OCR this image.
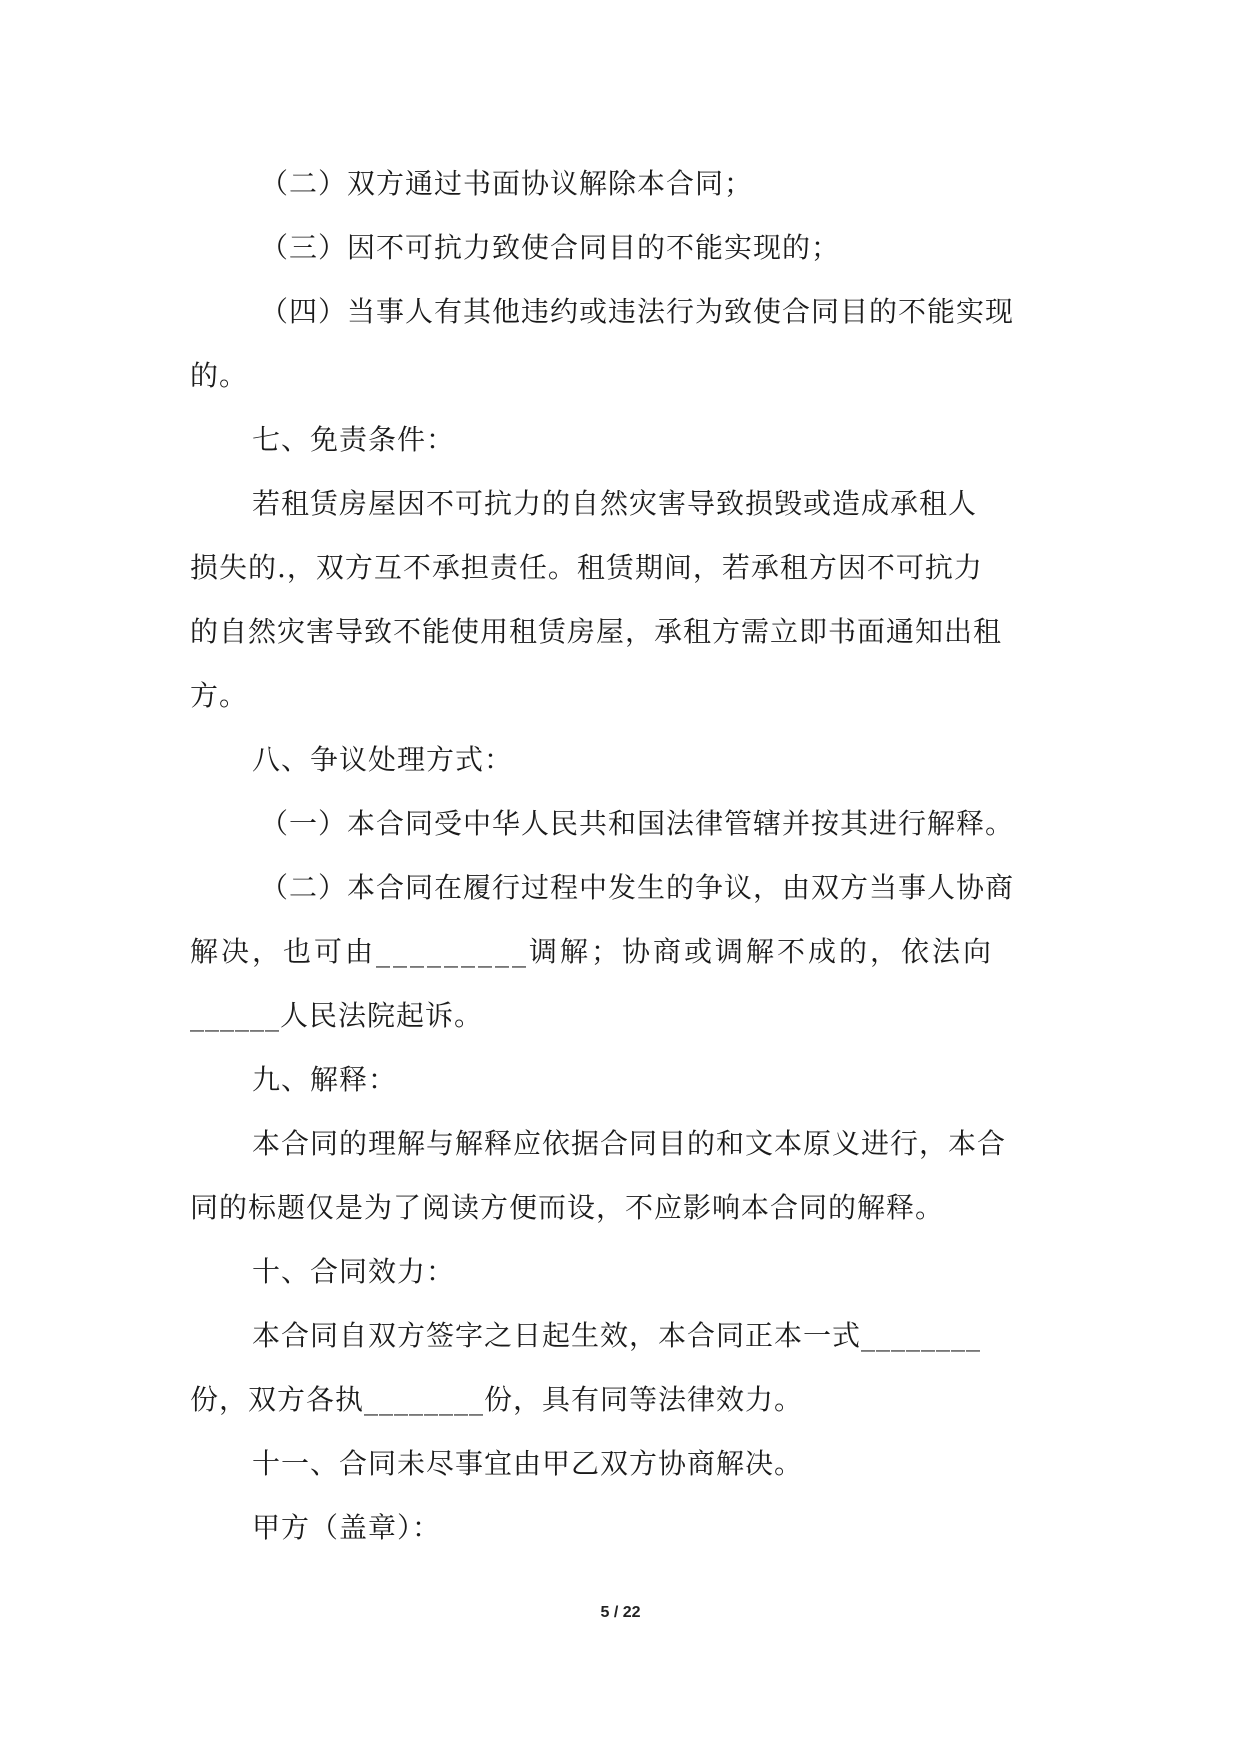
（二）双方通过书面协议解除本合同；
（三）因不可抗力致使合同目的不能实现的；
（四）当事人有其他违约或违法行为致使合同目的不能实现
的。
七、免责条件：
若租赁房屋因不可抗力的自然灾害导致损毁或造成承租人
损失的.，双方互不承担责任。租赁期间，若承租方因不可抗力
的自然灾害导致不能使用租赁房屋，承租方需立即书面通知出租
方。
八、争议处理方式：
（一）本合同受中华人民共和国法律管辖并按其进行解释。
（二）本合同在履行过程中发生的争议，由双方当事人协商
解决，也可由_________调解；协商或调解不成的，依法向
______人民法院起诉。
九、解释：
本合同的理解与解释应依据合同目的和文本原义进行，本合
同的标题仅是为了阅读方便而设，不应影响本合同的解释。
十、合同效力：
本合同自双方签字之日起生效，本合同正本一式________
份，双方各执________份，具有同等法律效力。
十一、合同未尽事宜由甲乙双方协商解决。
甲方（盖章）：
5 / 22
